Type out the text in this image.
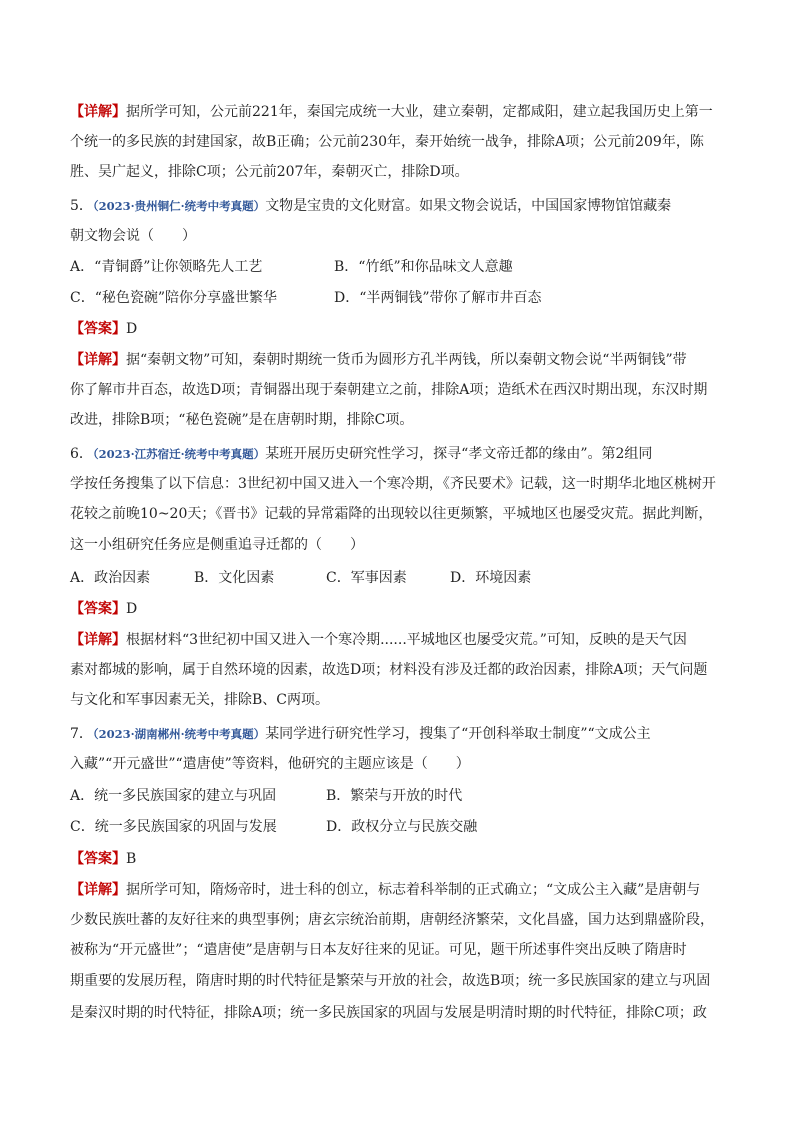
【详解】据所学可知，公元前221年，秦国完成统一大业，建立秦朝，定都咸阳，建立起我国历史上第一
个统一的多民族的封建国家，故B正确；公元前230年，秦开始统一战争，排除A项；公元前209年，陈
胜、吴广起义，排除C项；公元前207年，秦朝灭亡，排除D项。
5．（2023·贵州铜仁·统考中考真题）文物是宝贵的文化财富。如果文物会说话，中国国家博物馆馆藏秦
朝文物会说（　　）
A．“青铜爵”让你领略先人工艺	B．“竹纸”和你品味文人意趣
C．“秘色瓷碗”陪你分享盛世繁华	D．“半两铜钱”带你了解市井百态
【答案】D
【详解】据“秦朝文物”可知，秦朝时期统一货币为圆形方孔半两钱，所以秦朝文物会说“半两铜钱”带
你了解市井百态，故选D项；青铜器出现于秦朝建立之前，排除A项；造纸术在西汉时期出现，东汉时期
改进，排除B项；“秘色瓷碗”是在唐朝时期，排除C项。
6．（2023·江苏宿迁·统考中考真题）某班开展历史研究性学习，探寻“孝文帝迁都的缘由”。第2组同
学按任务搜集了以下信息：3世纪初中国又进入一个寒冷期，《齐民要术》记载，这一时期华北地区桃树开
花较之前晚10~20天；《晋书》记载的异常霜降的出现较以往更频繁，平城地区也屡受灾荒。据此判断，
这一小组研究任务应是侧重追寻迁都的（　　）
A．政治因素	B．文化因素	C．军事因素	D．环境因素
【答案】D
【详解】根据材料“3世纪初中国又进入一个寒冷期......平城地区也屡受灾荒。”可知，反映的是天气因
素对都城的影响，属于自然环境的因素，故选D项；材料没有涉及迁都的政治因素，排除A项；天气问题
与文化和军事因素无关，排除B、C两项。
7．（2023·湖南郴州·统考中考真题）某同学进行研究性学习，搜集了“开创科举取士制度”“文成公主
入藏”“开元盛世”“遣唐使”等资料，他研究的主题应该是（　　）
A．统一多民族国家的建立与巩固	B．繁荣与开放的时代
C．统一多民族国家的巩固与发展	D．政权分立与民族交融
【答案】B
【详解】据所学可知，隋炀帝时，进士科的创立，标志着科举制的正式确立；“文成公主入藏”是唐朝与
少数民族吐蕃的友好往来的典型事例；唐玄宗统治前期，唐朝经济繁荣，文化昌盛，国力达到鼎盛阶段，
被称为“开元盛世”；“遣唐使”是唐朝与日本友好往来的见证。可见，题干所述事件突出反映了隋唐时
期重要的发展历程，隋唐时期的时代特征是繁荣与开放的社会，故选B项；统一多民族国家的建立与巩固
是秦汉时期的时代特征，排除A项；统一多民族国家的巩固与发展是明清时期的时代特征，排除C项；政
